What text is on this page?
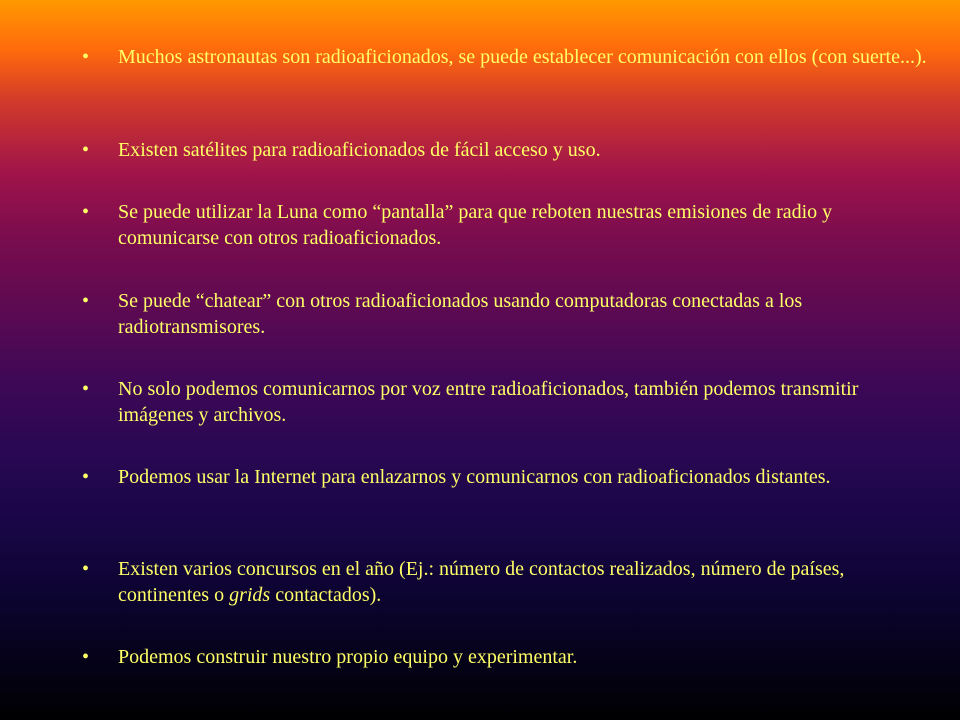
•	Muchos astronautas son radioaficionados, se puede establecer comunicación con ellos (con suerte...).
•	Existen satélites para radioaficionados de fácil acceso y uso.
•	Se puede utilizar la Luna como “pantalla” para que reboten nuestras emisiones de radio y comunicarse con otros radioaficionados.
•	Se puede “chatear” con otros radioaficionados usando computadoras conectadas a los radiotransmisores.
•	No solo podemos comunicarnos por voz entre radioaficionados, también podemos transmitir imágenes y archivos.
•	Podemos usar la Internet para enlazarnos y comunicarnos con radioaficionados distantes.
•	Existen varios concursos en el año (Ej.: número de contactos realizados, número de países, continentes o grids contactados).
•	Podemos construir nuestro propio equipo y experimentar.
